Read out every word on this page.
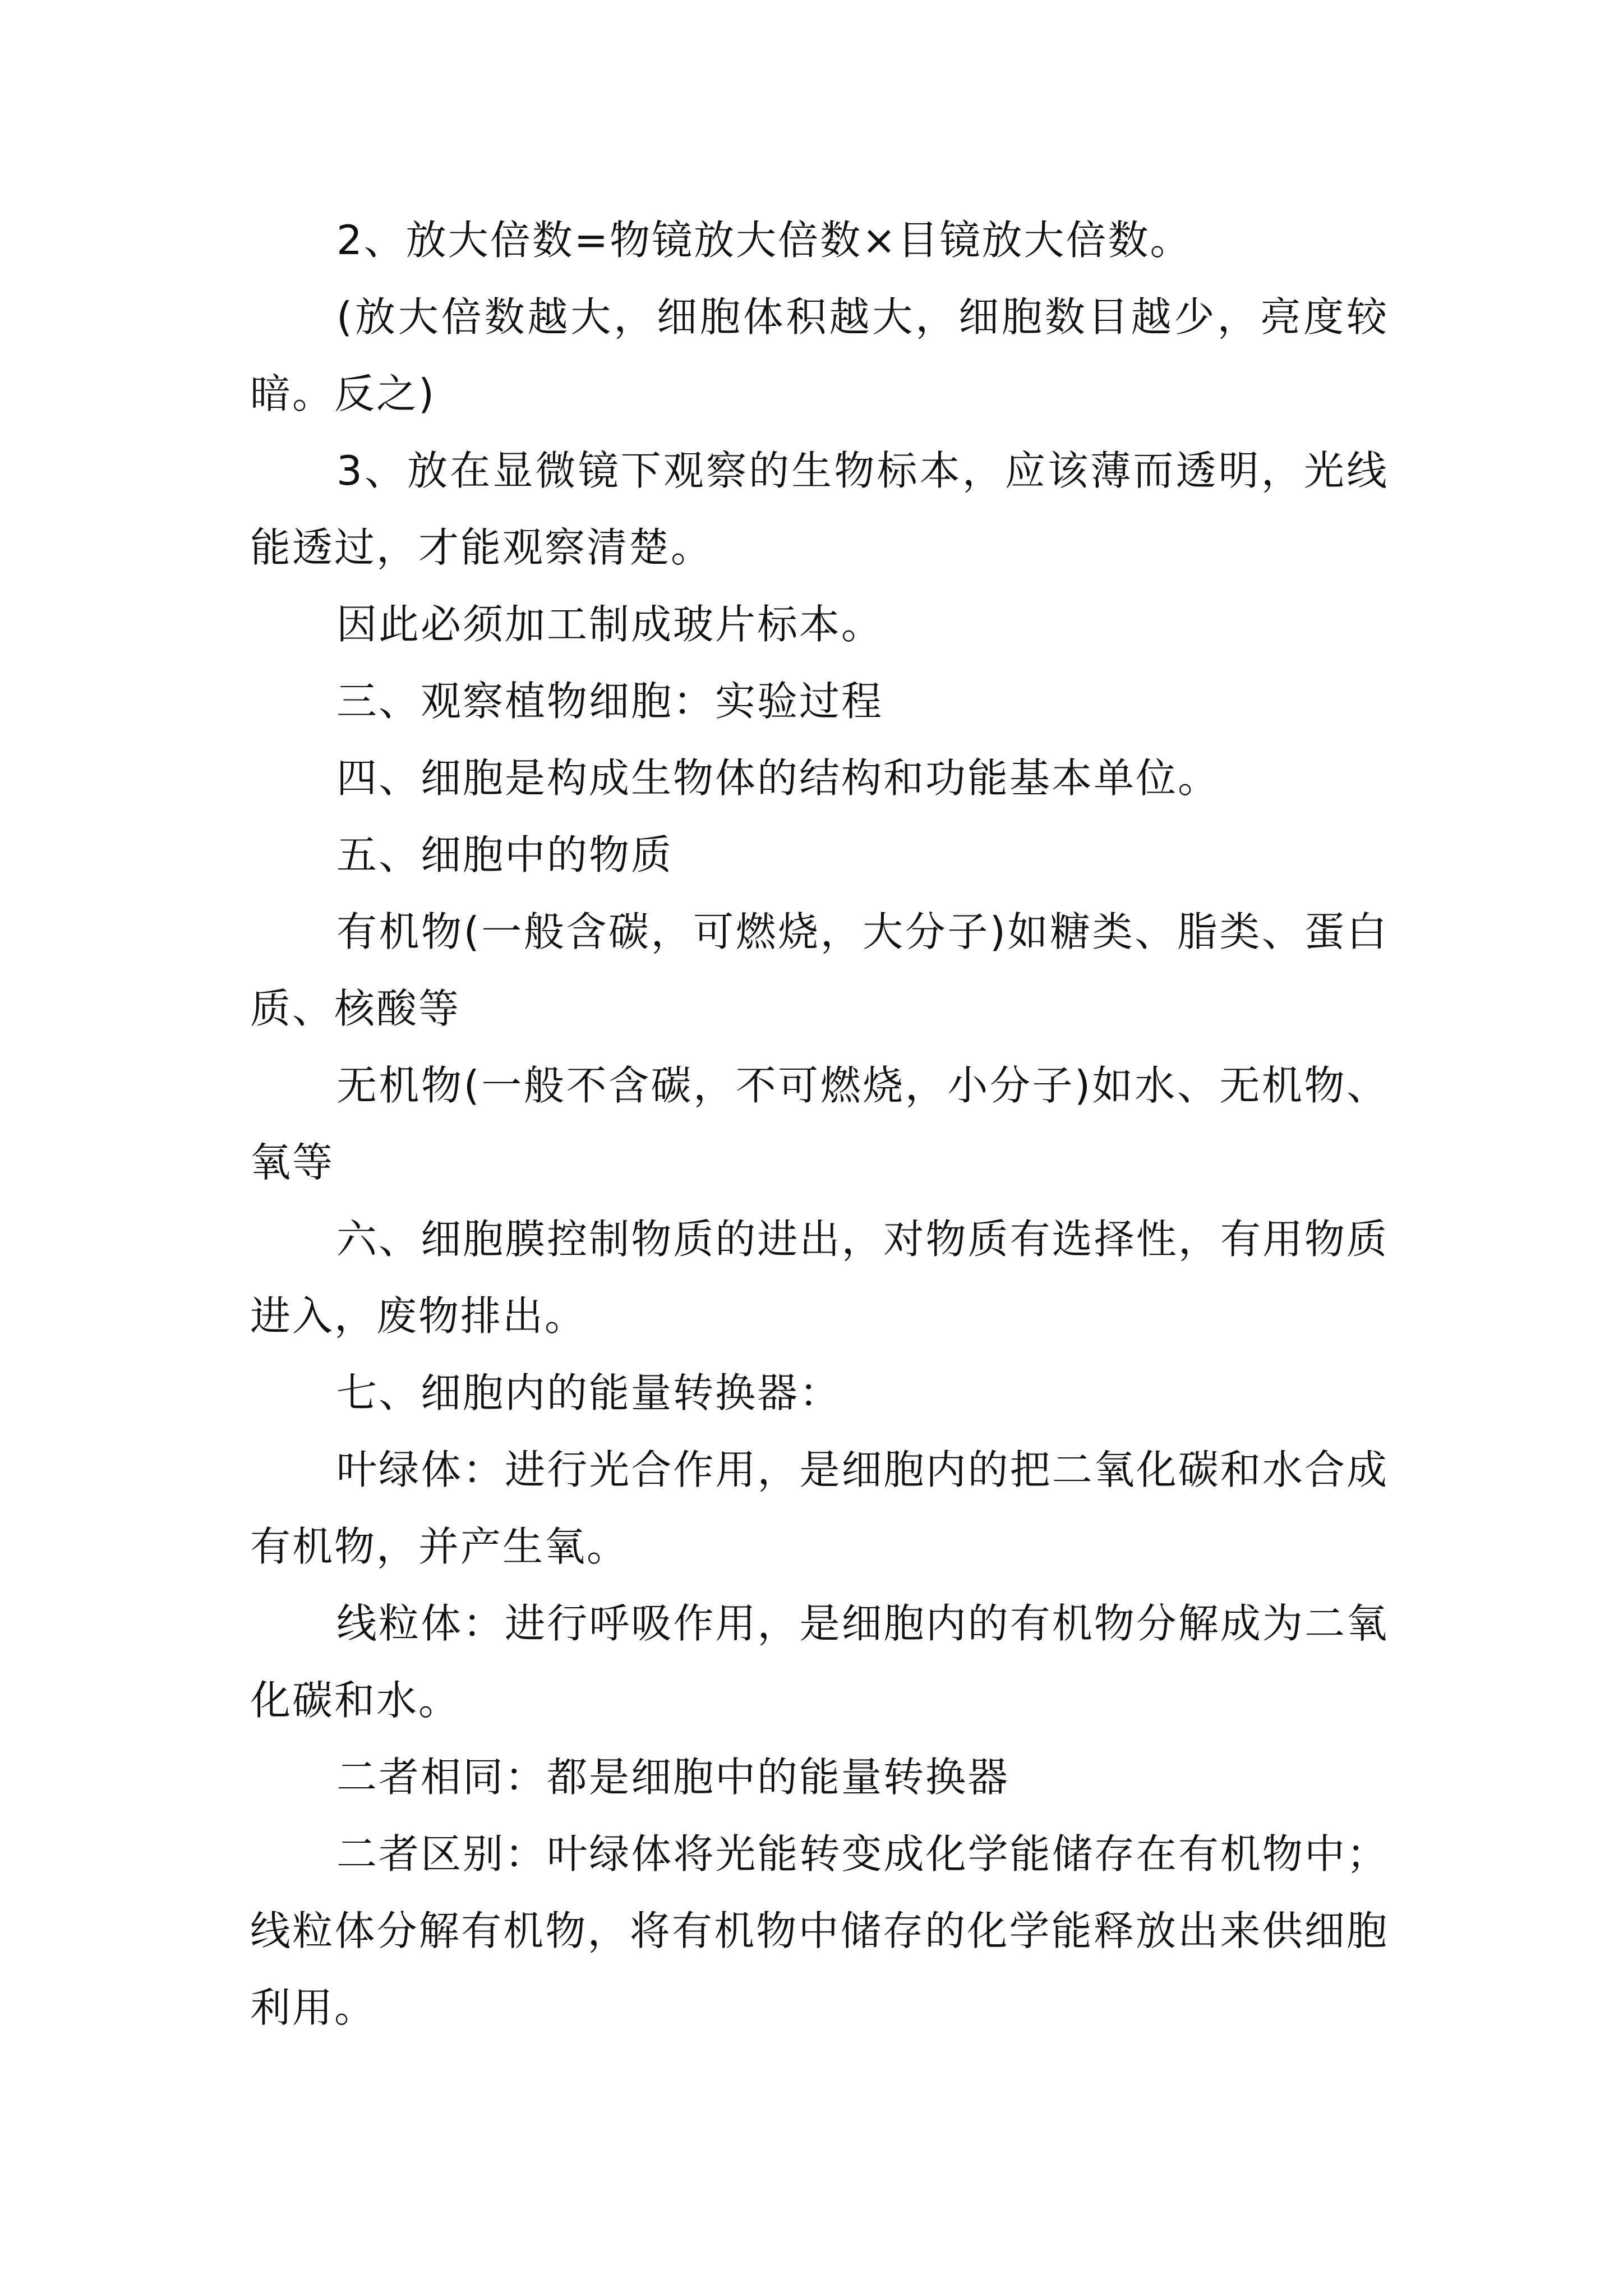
2、放大倍数=物镜放大倍数×目镜放大倍数。

(放大倍数越大，细胞体积越大，细胞数目越少，亮度较暗。反之)

3、放在显微镜下观察的生物标本，应该薄而透明，光线能透过，才能观察清楚。

因此必须加工制成玻片标本。

三、观察植物细胞：实验过程

四、细胞是构成生物体的结构和功能基本单位。

五、细胞中的物质

有机物(一般含碳，可燃烧，大分子)如糖类、脂类、蛋白质、核酸等

无机物(一般不含碳，不可燃烧，小分子)如水、无机物、氧等

六、细胞膜控制物质的进出，对物质有选择性，有用物质进入，废物排出。

七、细胞内的能量转换器：

叶绿体：进行光合作用，是细胞内的把二氧化碳和水合成有机物，并产生氧。

线粒体：进行呼吸作用，是细胞内的有机物分解成为二氧化碳和水。

二者相同：都是细胞中的能量转换器

二者区别：叶绿体将光能转变成化学能储存在有机物中；线粒体分解有机物，将有机物中储存的化学能释放出来供细胞利用。
